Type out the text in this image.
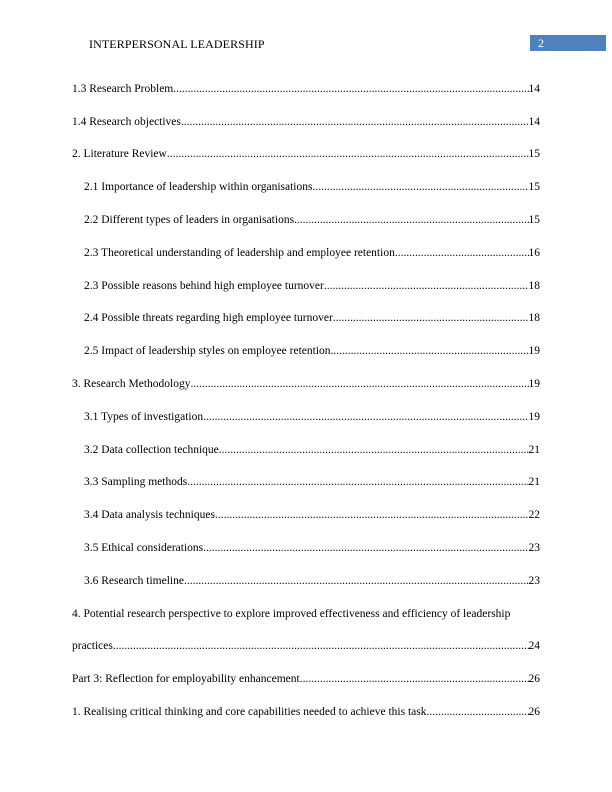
INTERPERSONAL LEADERSHIP	2
1.3 Research Problem .....	14
1.4 Research objectives .....	14
2. Literature Review .....	15
2.1 Importance of leadership within organisations .....	15
2.2 Different types of leaders in organisations .....	15
2.3 Theoretical understanding of leadership and employee retention .....	16
2.3 Possible reasons behind high employee turnover .....	18
2.4 Possible threats regarding high employee turnover .....	18
2.5 Impact of leadership styles on employee retention .....	19
3. Research Methodology .....	19
3.1 Types of investigation .....	19
3.2 Data collection technique .....	21
3.3 Sampling methods .....	21
3.4 Data analysis techniques .....	22
3.5 Ethical considerations .....	23
3.6 Research timeline .....	23
4. Potential research perspective to explore improved effectiveness and efficiency of leadership
practices .....	24
Part 3: Reflection for employability enhancement .....	26
1. Realising critical thinking and core capabilities needed to achieve this task .....	26
